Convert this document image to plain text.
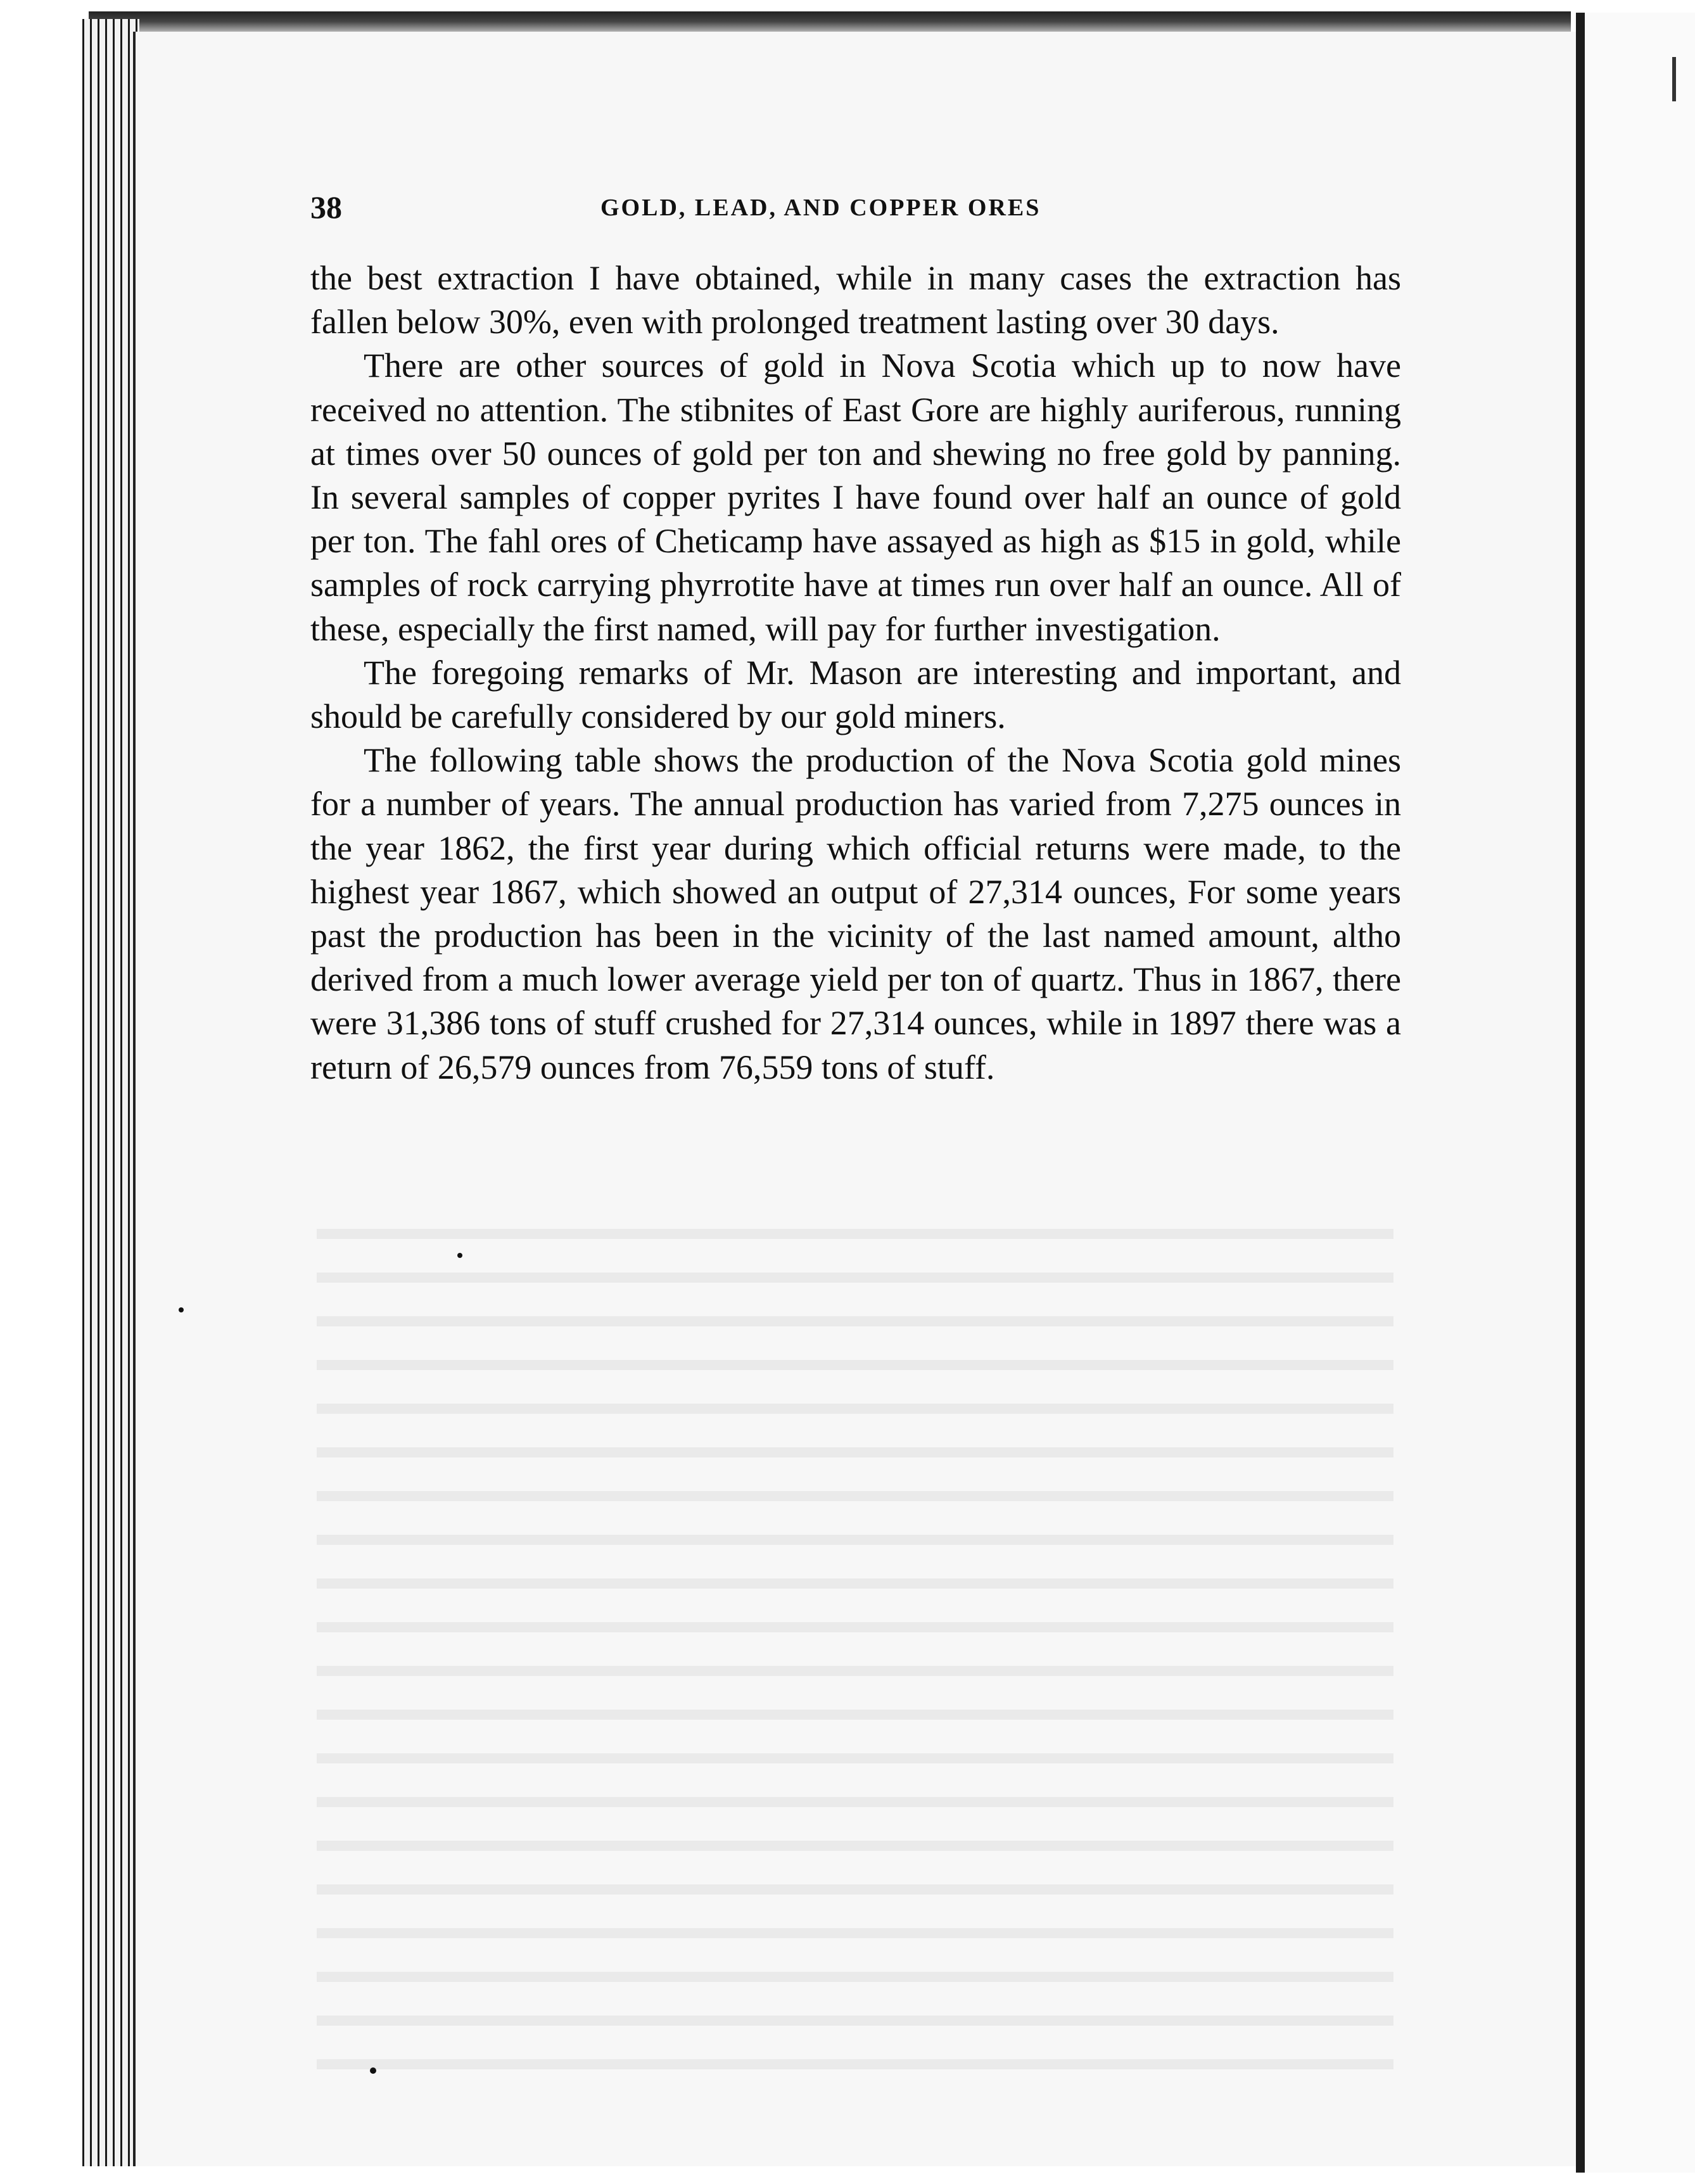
38	GOLD, LEAD, AND COPPER ORES

the best extraction I have obtained, while in many cases the extraction has fallen below 30%, even with prolonged treatment lasting over 30 days.

There are other sources of gold in Nova Scotia which up to now have received no attention. The stibnites of East Gore are highly auriferous, running at times over 50 ounces of gold per ton and shewing no free gold by panning. In several samples of copper pyrites I have found over half an ounce of gold per ton. The fahl ores of Cheticamp have assayed as high as $15 in gold, while samples of rock carrying phyrrotite have at times run over half an ounce. All of these, especially the first named, will pay for further investigation.

The foregoing remarks of Mr. Mason are interesting and important, and should be carefully considered by our gold miners.

The following table shows the production of the Nova Scotia gold mines for a number of years. The annual production has varied from 7,275 ounces in the year 1862, the first year during which official returns were made, to the highest year 1867, which showed an output of 27,314 ounces, For some years past the production has been in the vicinity of the last named amount, altho derived from a much lower average yield per ton of quartz. Thus in 1867, there were 31,386 tons of stuff crushed for 27,314 ounces, while in 1897 there was a return of 26,579 ounces from 76,559 tons of stuff.
